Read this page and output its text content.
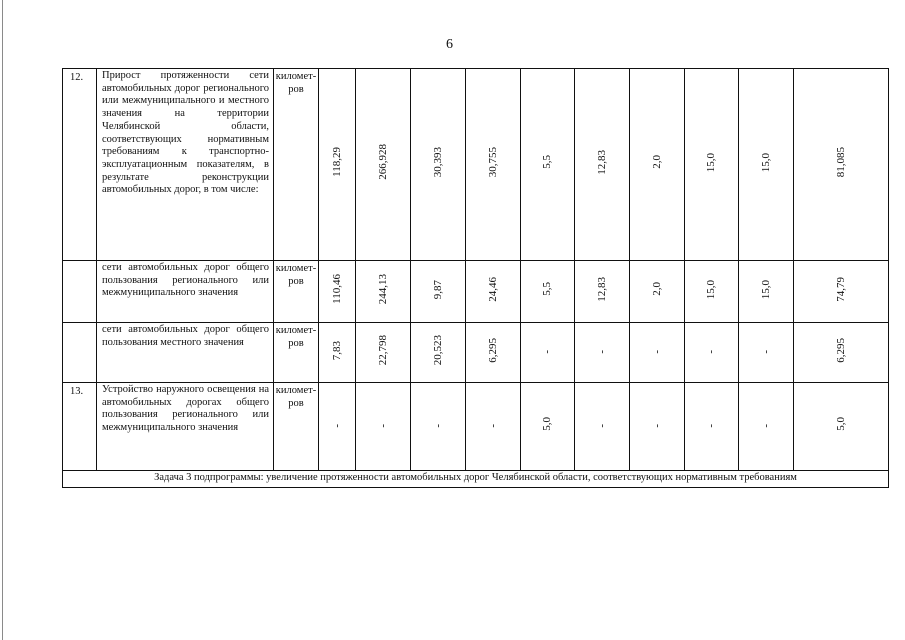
6
12.	Прирост протяженности сети автомобильных дорог регионального или межмуниципального и местного значения на территории Челябинской области, соответствующих нормативным требованиям к транспортно-эксплуатационным показателям, в результате реконструкции автомобильных дорог, в том числе:	километров	118,29	266,928	30,393	30,755	5,5	12,83	2,0	15,0	15,0	81,085
	сети автомобильных дорог общего пользования регионального или межмуниципального значения	километров	110,46	244,13	9,87	24,46	5,5	12,83	2,0	15,0	15,0	74,79
	сети автомобильных дорог общего пользования местного значения	километров	7,83	22,798	20,523	6,295	-	-	-	-	-	6,295
13.	Устройство наружного освещения на автомобильных дорогах общего пользования регионального или межмуниципального значения	километров	-	-	-	-	5,0	-	-	-	-	5,0
Задача 3 подпрограммы: увеличение протяженности автомобильных дорог Челябинской области, соответствующих нормативным требованиям												
